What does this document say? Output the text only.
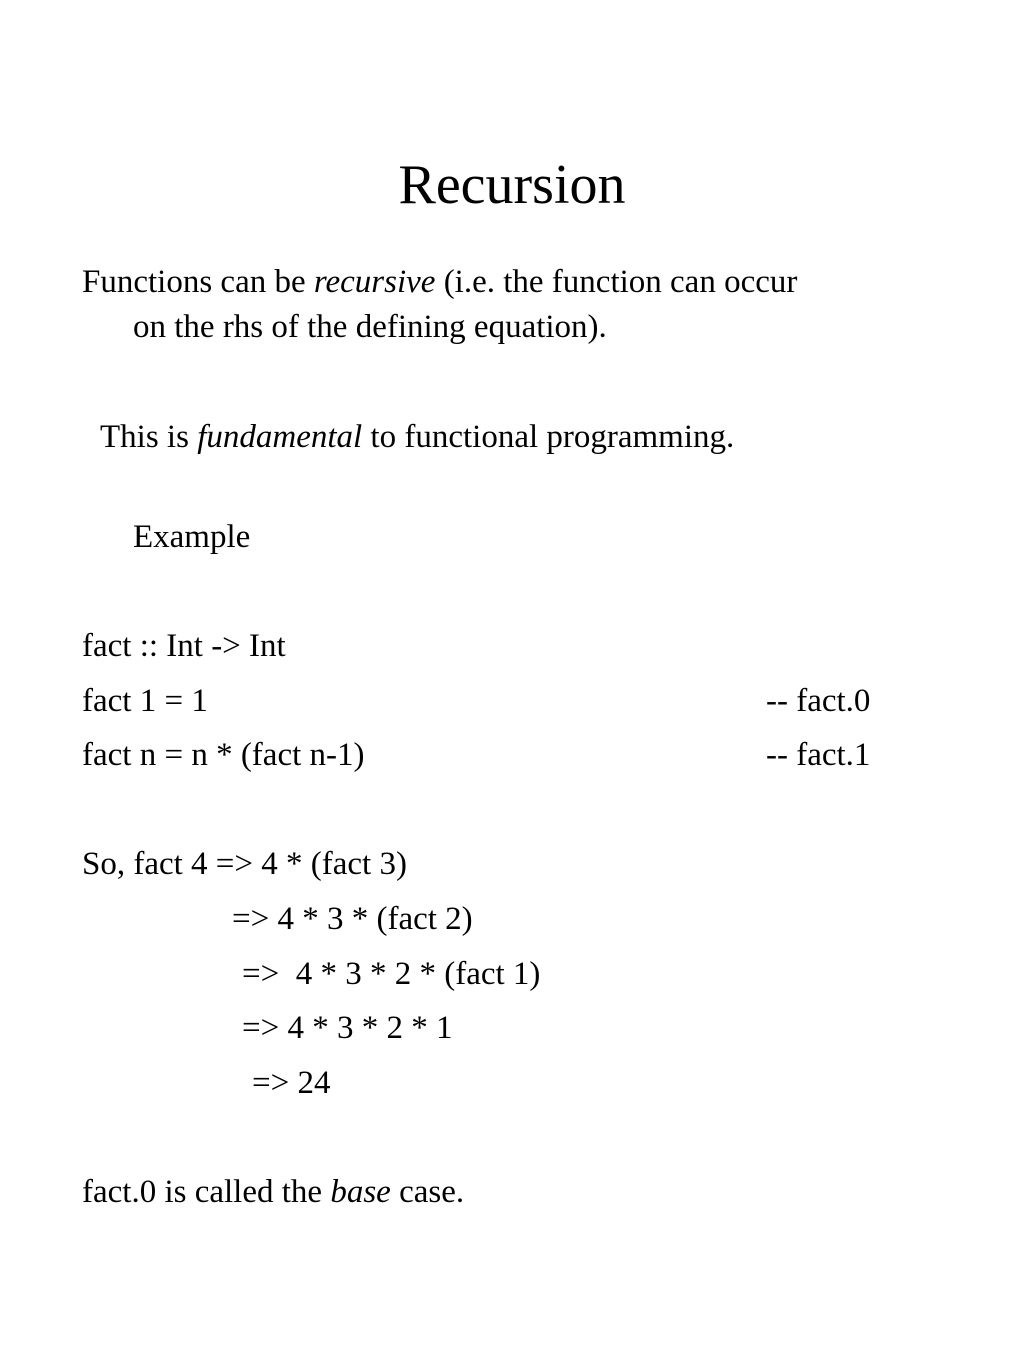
Recursion
Functions can be recursive (i.e. the function can occur
on the rhs of the defining equation).
This is fundamental to functional programming.
Example
fact :: Int -> Int
fact 1 = 1	-- fact.0
fact n = n * (fact n-1)	-- fact.1
So, fact 4 => 4 * (fact 3)
=> 4 * 3 * (fact 2)
=>  4 * 3 * 2 * (fact 1)
=> 4 * 3 * 2 * 1
=> 24
fact.0 is called the base case.
